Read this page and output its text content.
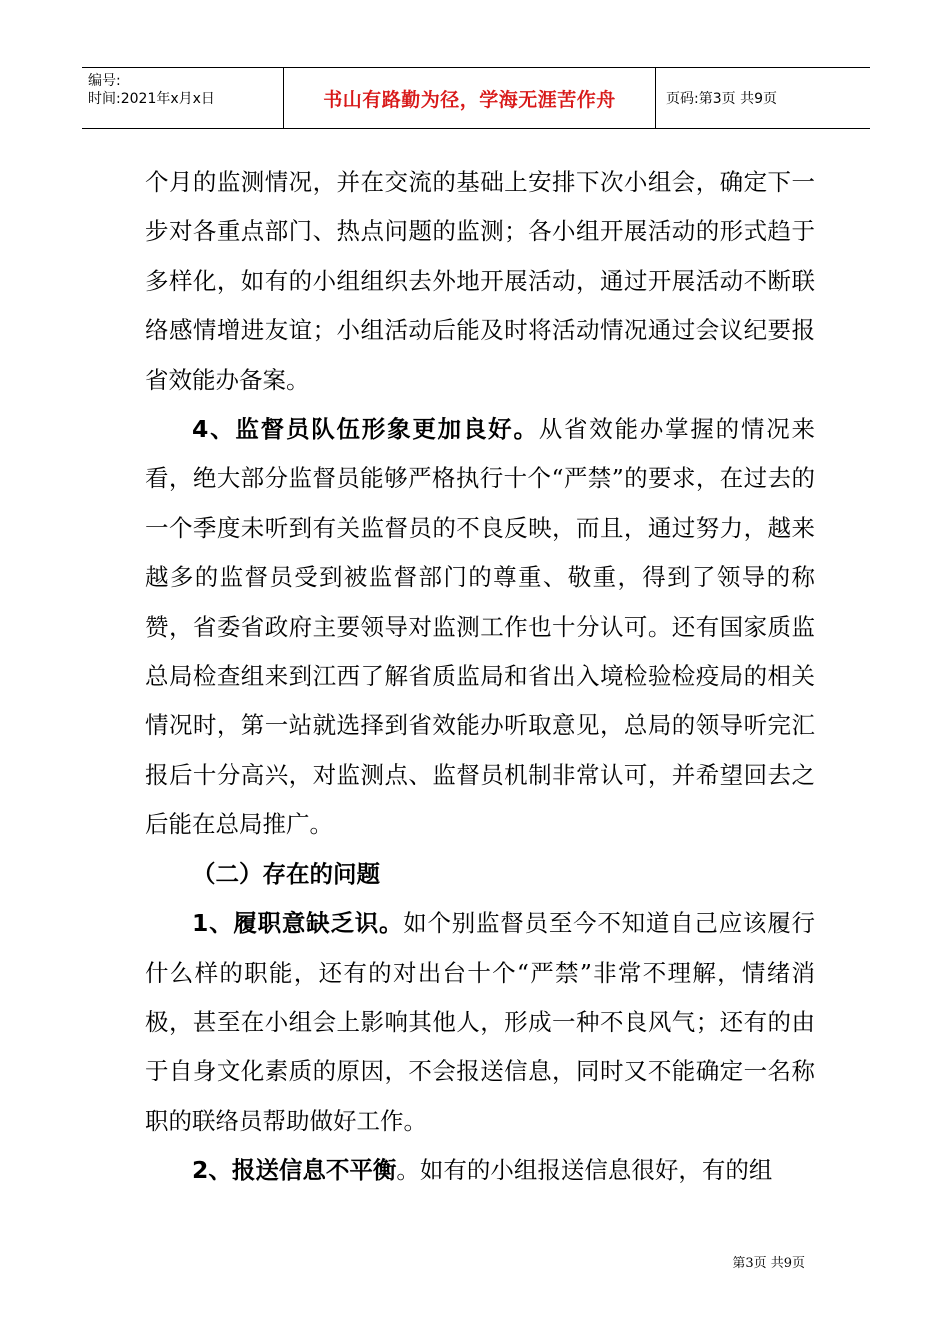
编号:
时间:2021年x月x日	书山有路勤为径，学海无涯苦作舟	页码:第3页 共9页

个月的监测情况，并在交流的基础上安排下次小组会，确定下一步对各重点部门、热点问题的监测；各小组开展活动的形式趋于多样化，如有的小组组织去外地开展活动，通过开展活动不断联络感情增进友谊；小组活动后能及时将活动情况通过会议纪要报省效能办备案。

4、监督员队伍形象更加良好。从省效能办掌握的情况来看，绝大部分监督员能够严格执行十个“严禁”的要求，在过去的一个季度未听到有关监督员的不良反映，而且，通过努力，越来越多的监督员受到被监督部门的尊重、敬重，得到了领导的称赞，省委省政府主要领导对监测工作也十分认可。还有国家质监总局检查组来到江西了解省质监局和省出入境检验检疫局的相关情况时，第一站就选择到省效能办听取意见，总局的领导听完汇报后十分高兴，对监测点、监督员机制非常认可，并希望回去之后能在总局推广。

（二）存在的问题

1、履职意缺乏识。如个别监督员至今不知道自己应该履行什么样的职能，还有的对出台十个“严禁”非常不理解，情绪消极，甚至在小组会上影响其他人，形成一种不良风气；还有的由于自身文化素质的原因，不会报送信息，同时又不能确定一名称职的联络员帮助做好工作。

2、报送信息不平衡。如有的小组报送信息很好，有的组

第3页 共9页
